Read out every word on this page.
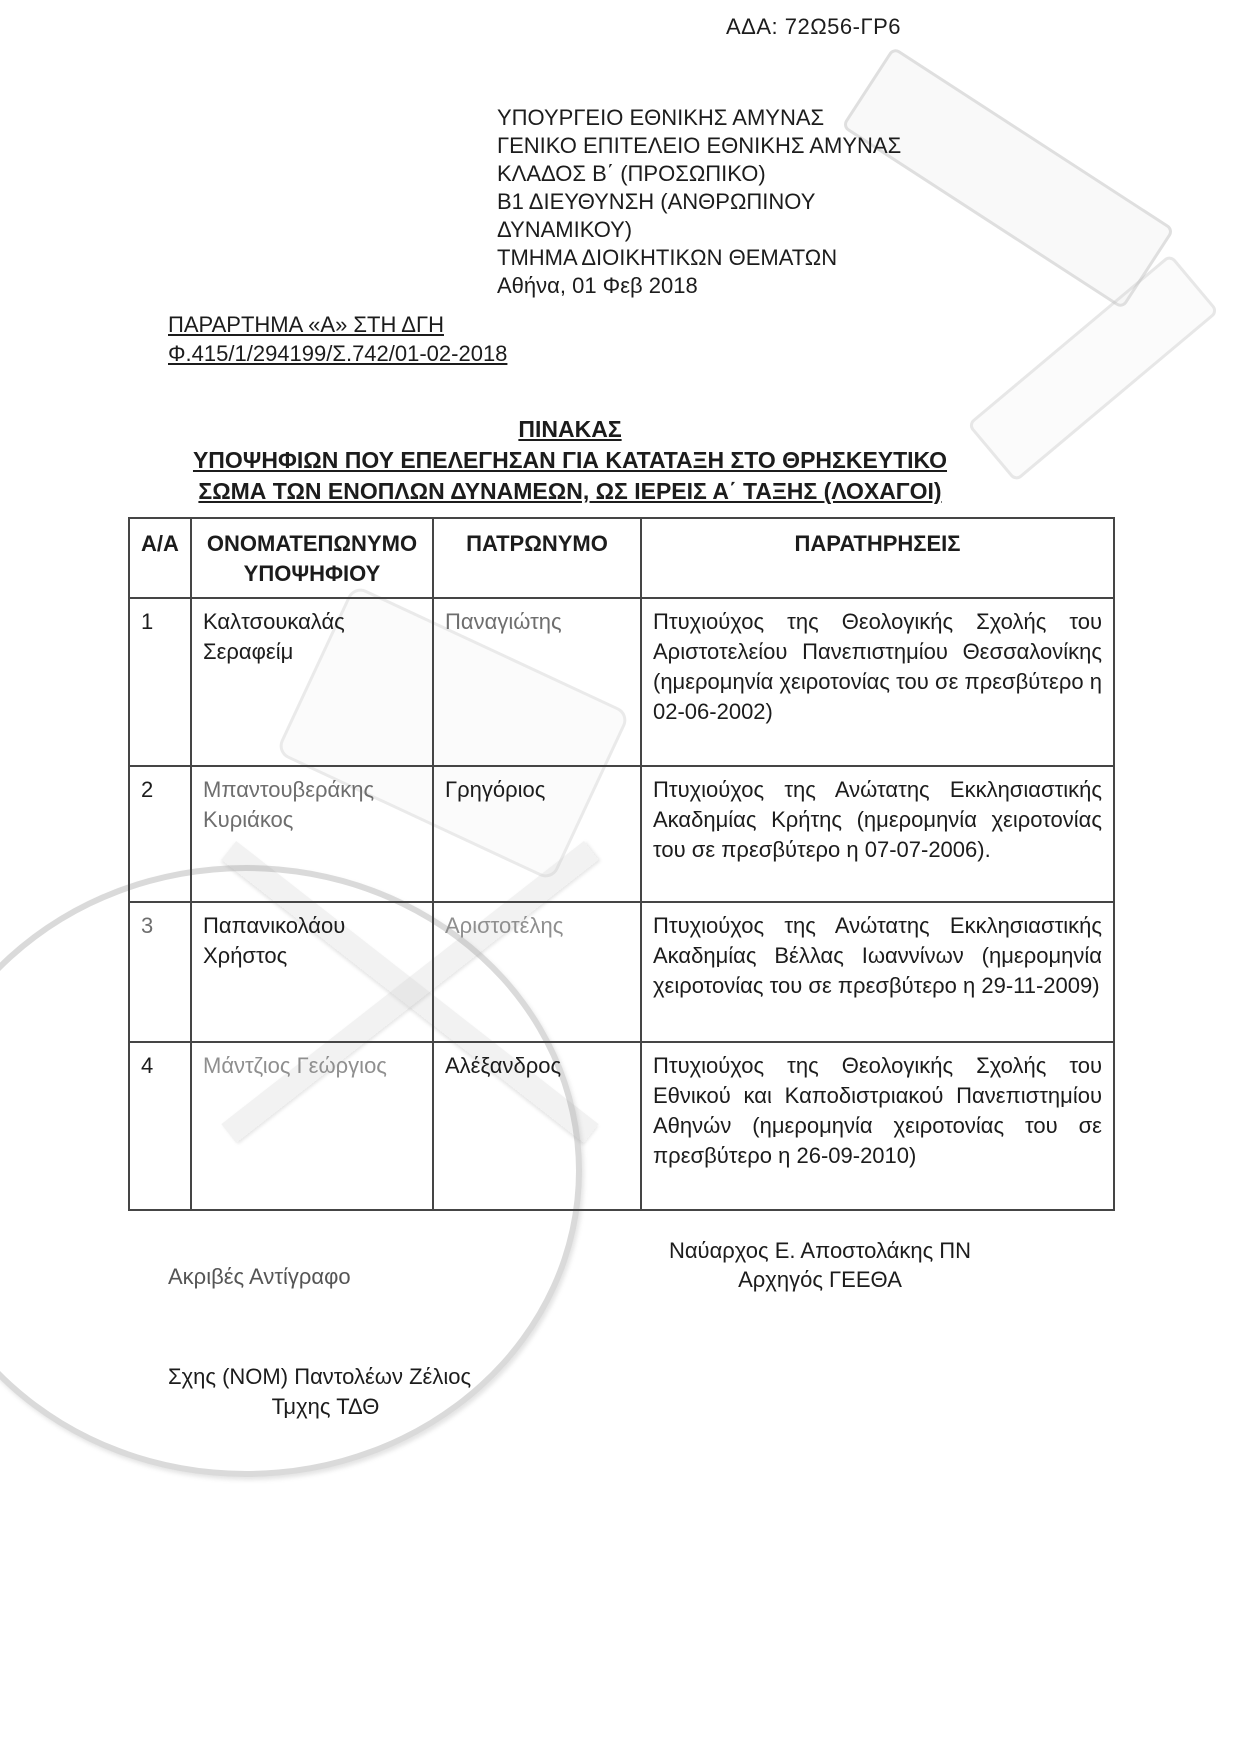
ΑΔΑ: 72Ω56-ΓΡ6
ΥΠΟΥΡΓΕΙΟ ΕΘΝΙΚΗΣ ΑΜΥΝΑΣ
ΓΕΝΙΚΟ ΕΠΙΤΕΛΕΙΟ ΕΘΝΙΚΗΣ ΑΜΥΝΑΣ
ΚΛΑΔΟΣ Β΄ (ΠΡΟΣΩΠΙΚΟ)
Β1 ΔΙΕΥΘΥΝΣΗ (ΑΝΘΡΩΠΙΝΟΥ
ΔΥΝΑΜΙΚΟΥ)
ΤΜΗΜΑ ΔΙΟΙΚΗΤΙΚΩΝ ΘΕΜΑΤΩΝ
Αθήνα, 01 Φεβ 2018
ΠΑΡΑΡΤΗΜΑ «Α» ΣΤΗ ΔΓΗ
Φ.415/1/294199/Σ.742/01-02-2018
ΠΙΝΑΚΑΣ
ΥΠΟΨΗΦΙΩΝ ΠΟΥ ΕΠΕΛΕΓΗΣΑΝ ΓΙΑ ΚΑΤΑΤΑΞΗ ΣΤΟ ΘΡΗΣΚΕΥΤΙΚΟ
ΣΩΜΑ ΤΩΝ ΕΝΟΠΛΩΝ ΔΥΝΑΜΕΩΝ, ΩΣ ΙΕΡΕΙΣ Α΄ ΤΑΞΗΣ (ΛΟΧΑΓΟΙ)
Α/Α	ΟΝΟΜΑΤΕΠΩΝΥΜΟ ΥΠΟΨΗΦΙΟΥ	ΠΑΤΡΩΝΥΜΟ	ΠΑΡΑΤΗΡΗΣΕΙΣ
1	Καλτσουκαλάς Σεραφείμ	Παναγιώτης	Πτυχιούχος της Θεολογικής Σχολής του Αριστοτελείου Πανεπιστημίου Θεσσαλονίκης (ημερομηνία χειροτονίας του σε πρεσβύτερο η 02-06-2002)
2	Μπαντουβεράκης Κυριάκος	Γρηγόριος	Πτυχιούχος της Ανώτατης Εκκλησιαστικής Ακαδημίας Κρήτης (ημερομηνία χειροτονίας του σε πρεσβύτερο η 07-07-2006).
3	Παπανικολάου Χρήστος	Αριστοτέλης	Πτυχιούχος της Ανώτατης Εκκλησιαστικής Ακαδημίας Βέλλας Ιωαννίνων (ημερομηνία χειροτονίας του σε πρεσβύτερο η 29-11-2009)
4	Μάντζιος Γεώργιος	Αλέξανδρος	Πτυχιούχος της Θεολογικής Σχολής του Εθνικού και Καποδιστριακού Πανεπιστημίου Αθηνών (ημερομηνία χειροτονίας του σε πρεσβύτερο η 26-09-2010)
Ναύαρχος Ε. Αποστολάκης ΠΝ
Αρχηγός ΓΕΕΘΑ
Ακριβές Αντίγραφο
Σχης (ΝΟΜ) Παντολέων Ζέλιος
Τμχης ΤΔΘ
